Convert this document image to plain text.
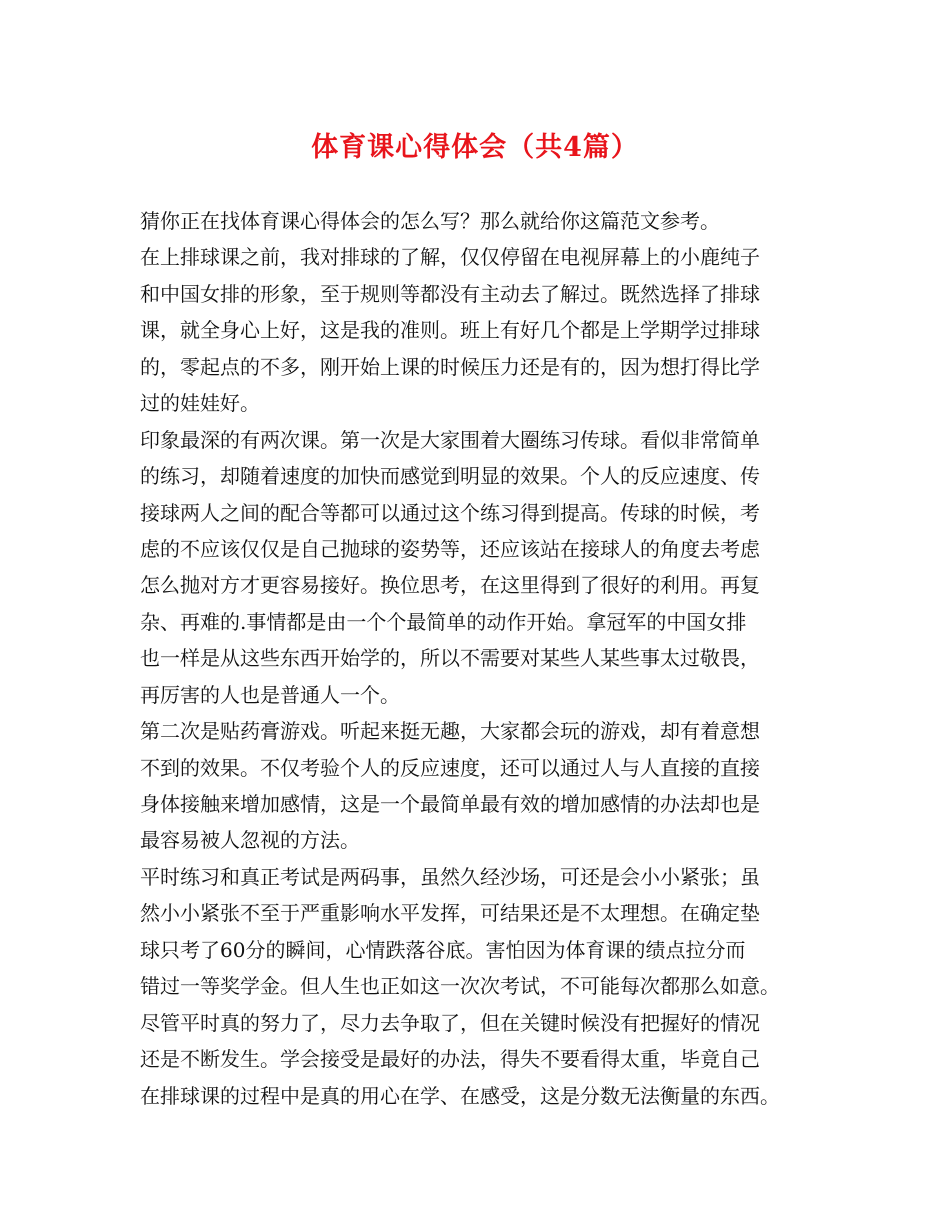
体育课心得体会（共4篇）
猜你正在找体育课心得体会的怎么写？那么就给你这篇范文参考。
在上排球课之前，我对排球的了解，仅仅停留在电视屏幕上的小鹿纯子
和中国女排的形象，至于规则等都没有主动去了解过。既然选择了排球
课，就全身心上好，这是我的准则。班上有好几个都是上学期学过排球
的，零起点的不多，刚开始上课的时候压力还是有的，因为想打得比学
过的娃娃好。
印象最深的有两次课。第一次是大家围着大圈练习传球。看似非常简单
的练习，却随着速度的加快而感觉到明显的效果。个人的反应速度、传
接球两人之间的配合等都可以通过这个练习得到提高。传球的时候，考
虑的不应该仅仅是自己抛球的姿势等，还应该站在接球人的角度去考虑
怎么抛对方才更容易接好。换位思考，在这里得到了很好的利用。再复
杂、再难的.事情都是由一个个最简单的动作开始。拿冠军的中国女排
也一样是从这些东西开始学的，所以不需要对某些人某些事太过敬畏，
再厉害的人也是普通人一个。
第二次是贴药膏游戏。听起来挺无趣，大家都会玩的游戏，却有着意想
不到的效果。不仅考验个人的反应速度，还可以通过人与人直接的直接
身体接触来增加感情，这是一个最简单最有效的增加感情的办法却也是
最容易被人忽视的方法。
平时练习和真正考试是两码事，虽然久经沙场，可还是会小小紧张；虽
然小小紧张不至于严重影响水平发挥，可结果还是不太理想。在确定垫
球只考了60分的瞬间，心情跌落谷底。害怕因为体育课的绩点拉分而
错过一等奖学金。但人生也正如这一次次考试，不可能每次都那么如意。
尽管平时真的努力了，尽力去争取了，但在关键时候没有把握好的情况
还是不断发生。学会接受是最好的办法，得失不要看得太重，毕竟自己
在排球课的过程中是真的用心在学、在感受，这是分数无法衡量的东西。
